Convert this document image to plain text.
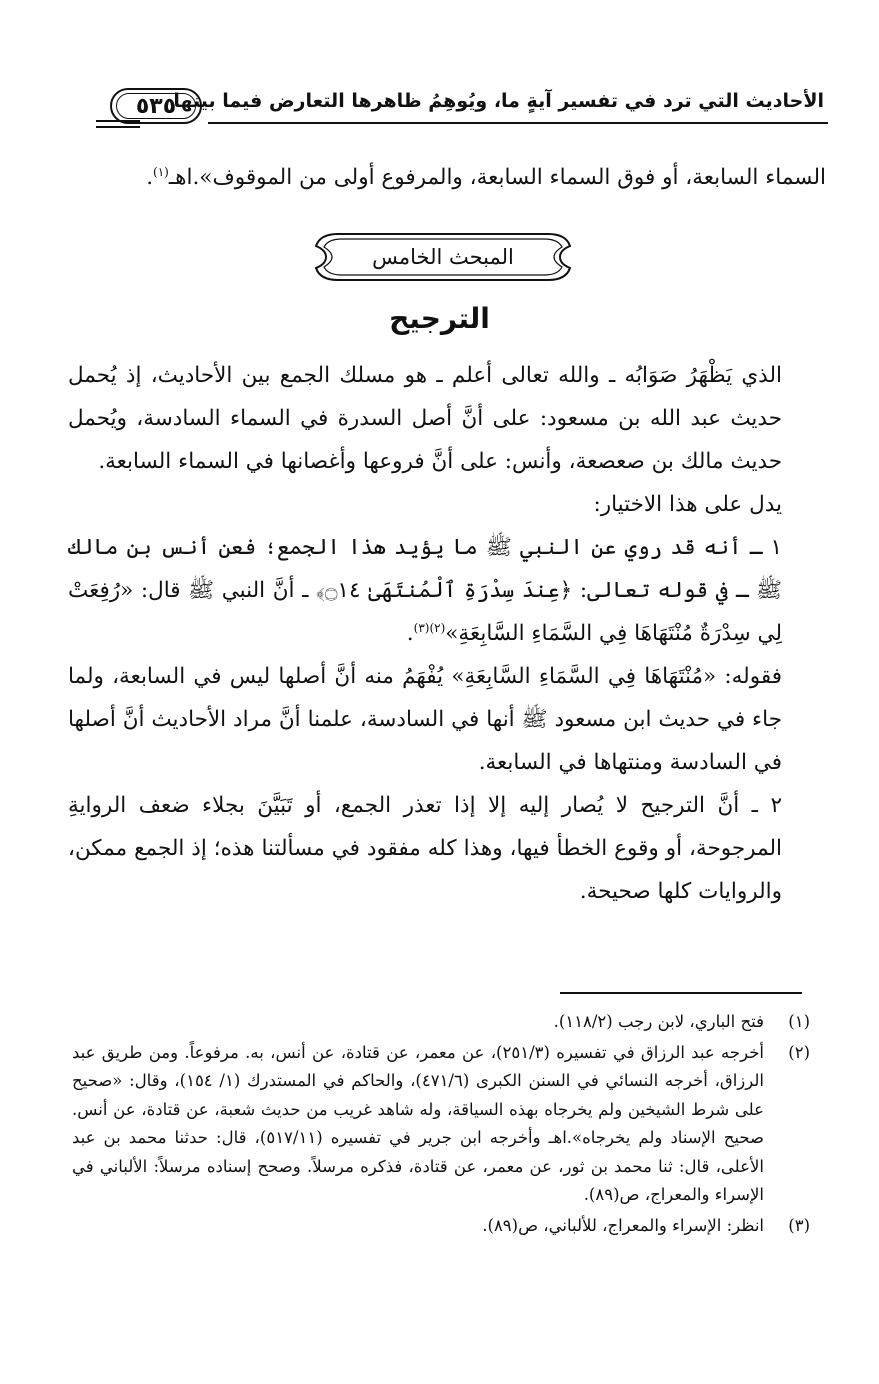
الأحاديث التي ترد في تفسير آيةٍ ما، ويُوهِمُ ظاهرها التعارض فيما بينها
٥٣٥

السماء السابعة، أو فوق السماء السابعة، والمرفوع أولى من الموقوف».اهـ$^{(١)}$.

المبحث الخامس
الترجيح

الذي يَظْهَرُ صَوَابُه ـ والله تعالى أعلم ـ هو مسلك الجمع بين الأحاديث، إذ يُحمل حديث عبد الله بن مسعود: على أنَّ أصل السدرة في السماء السادسة، ويُحمل حديث مالك بن صعصعة، وأنس: على أنَّ فروعها وأغصانها في السماء السابعة.

يدل على هذا الاختيار:

١ ـ أنه قد روي عن النبي ﷺ ما يؤيد هذا الجمع؛ فعن أنس بن مالك ﷺ ـ في قوله تعالى: ﴿عِندَ سِدْرَةِ ٱلْمُنتَهَىٰ ۝١٤﴾ ـ أنَّ النبي ﷺ قال: «رُفِعَتْ لِي سِدْرَةٌ مُنْتَهَاهَا فِي السَّمَاءِ السَّابِعَةِ»$^{(٢)(٣)}$.

فقوله: «مُنْتَهَاهَا فِي السَّمَاءِ السَّابِعَةِ» يُفْهَمُ منه أنَّ أصلها ليس في السابعة، ولما جاء في حديث ابن مسعود ﷺ أنها في السادسة، علمنا أنَّ مراد الأحاديث أنَّ أصلها في السادسة ومنتهاها في السابعة.

٢ ـ أنَّ الترجيح لا يُصار إليه إلا إذا تعذر الجمع، أو تَبَيَّنَ بجلاء ضعف الروايةِ المرجوحة، أو وقوع الخطأ فيها، وهذا كله مفقود في مسألتنا هذه؛ إذ الجمع ممكن، والروايات كلها صحيحة.

(١)
فتح الباري، لابن رجب (١١٨/٢).
(٢)
أخرجه عبد الرزاق في تفسيره (٢٥١/٣)، عن معمر، عن قتادة، عن أنس، به. مرفوعاً. ومن طريق عبد الرزاق، أخرجه النسائي في السنن الكبرى (٤٧١/٦)، والحاكم في المستدرك (١/ ١٥٤)، وقال: «صحيح على شرط الشيخين ولم يخرجاه بهذه السياقة، وله شاهد غريب من حديث شعبة، عن قتادة، عن أنس. صحيح الإسناد ولم يخرجاه».اهـ وأخرجه ابن جرير في تفسيره (٥١٧/١١)، قال: حدثنا محمد بن عبد الأعلى، قال: ثنا محمد بن ثور، عن معمر، عن قتادة، فذكره مرسلاً. وصحح إسناده مرسلاً: الألباني في الإسراء والمعراج، ص(٨٩).
(٣)
انظر: الإسراء والمعراج، للألباني، ص(٨٩).
